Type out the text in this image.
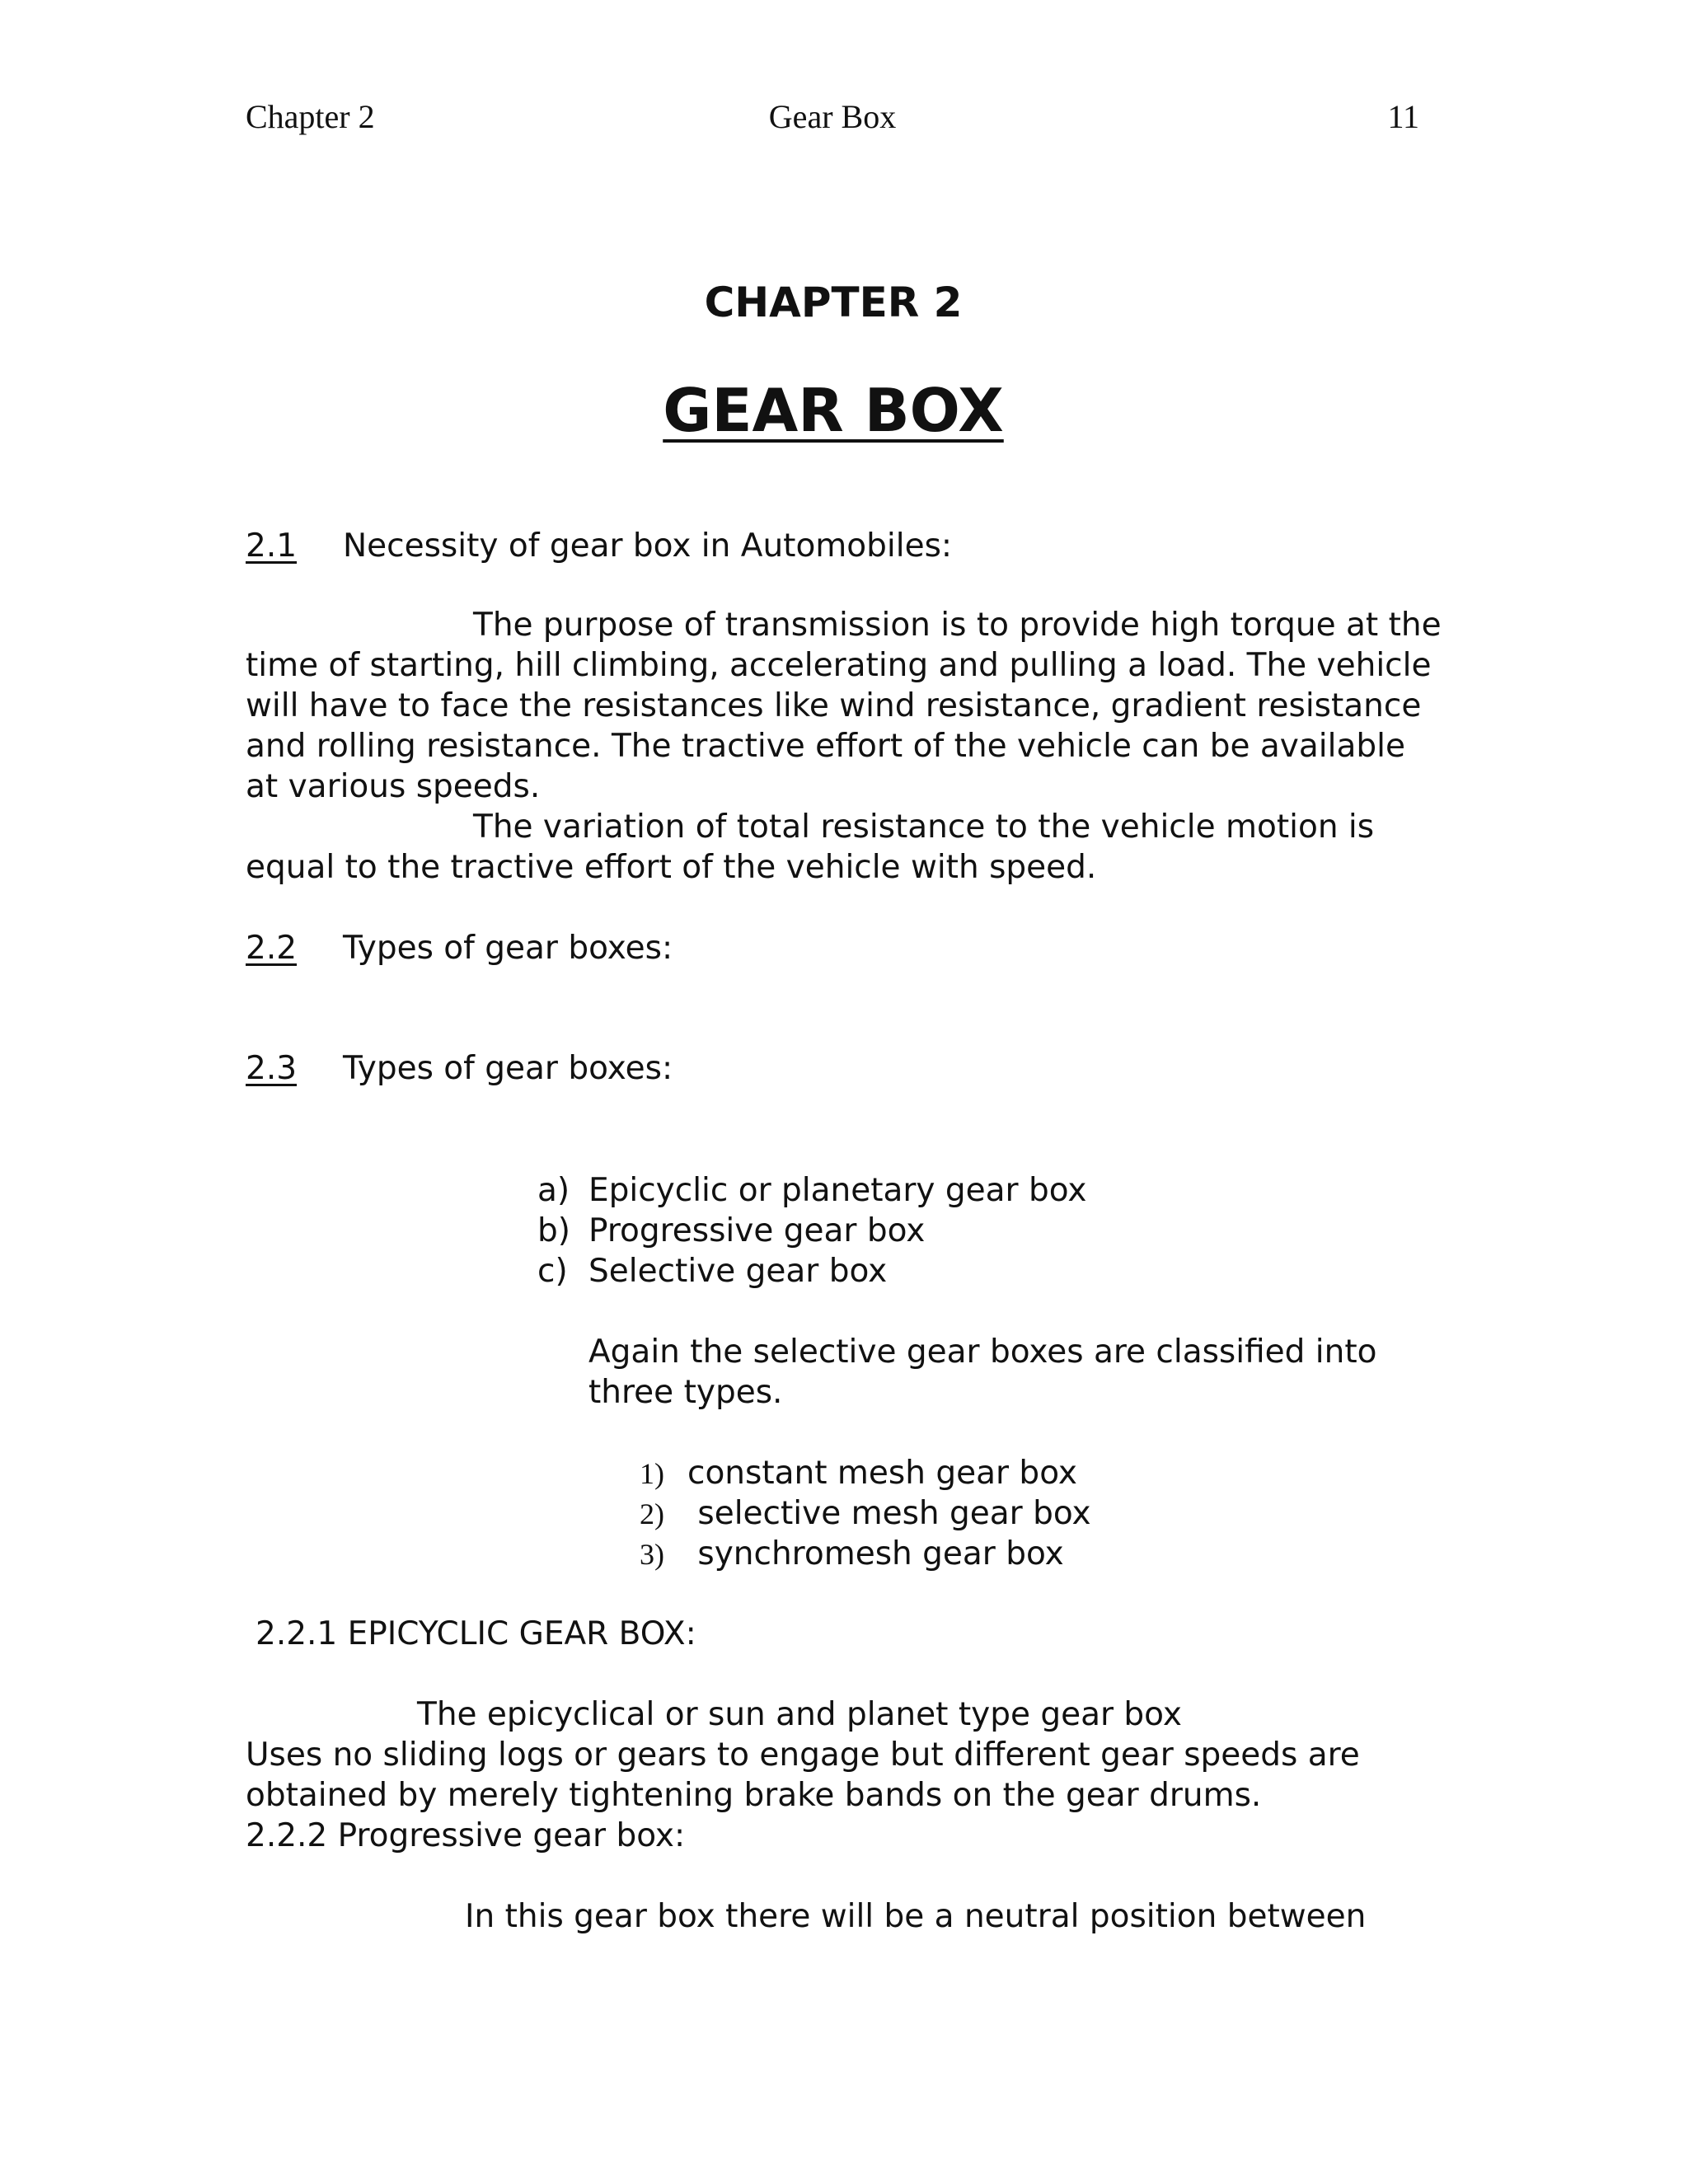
Chapter 2	Gear Box	11
CHAPTER 2
GEAR BOX
2.1 Necessity of gear box in Automobiles:
The purpose of transmission is to provide high torque at the
time of starting, hill climbing, accelerating and pulling a load. The vehicle
will have to face the resistances like wind resistance, gradient resistance
and rolling resistance. The tractive effort of the vehicle can be available
at various speeds.
The variation of total resistance to the vehicle motion is
equal to the tractive effort of the vehicle with speed.
2.2 Types of gear boxes:
2.3 Types of gear boxes:
a) Epicyclic or planetary gear box
b) Progressive gear box
c) Selective gear box
Again the selective gear boxes are classified into
three types.
1) constant mesh gear box
2) selective mesh gear box
3) synchromesh gear box
2.2.1 EPICYCLIC GEAR BOX:
The epicyclical or sun and planet type gear box
Uses no sliding logs or gears to engage but different gear speeds are
obtained by merely tightening brake bands on the gear drums.
2.2.2 Progressive gear box:
In this gear box there will be a neutral position between
